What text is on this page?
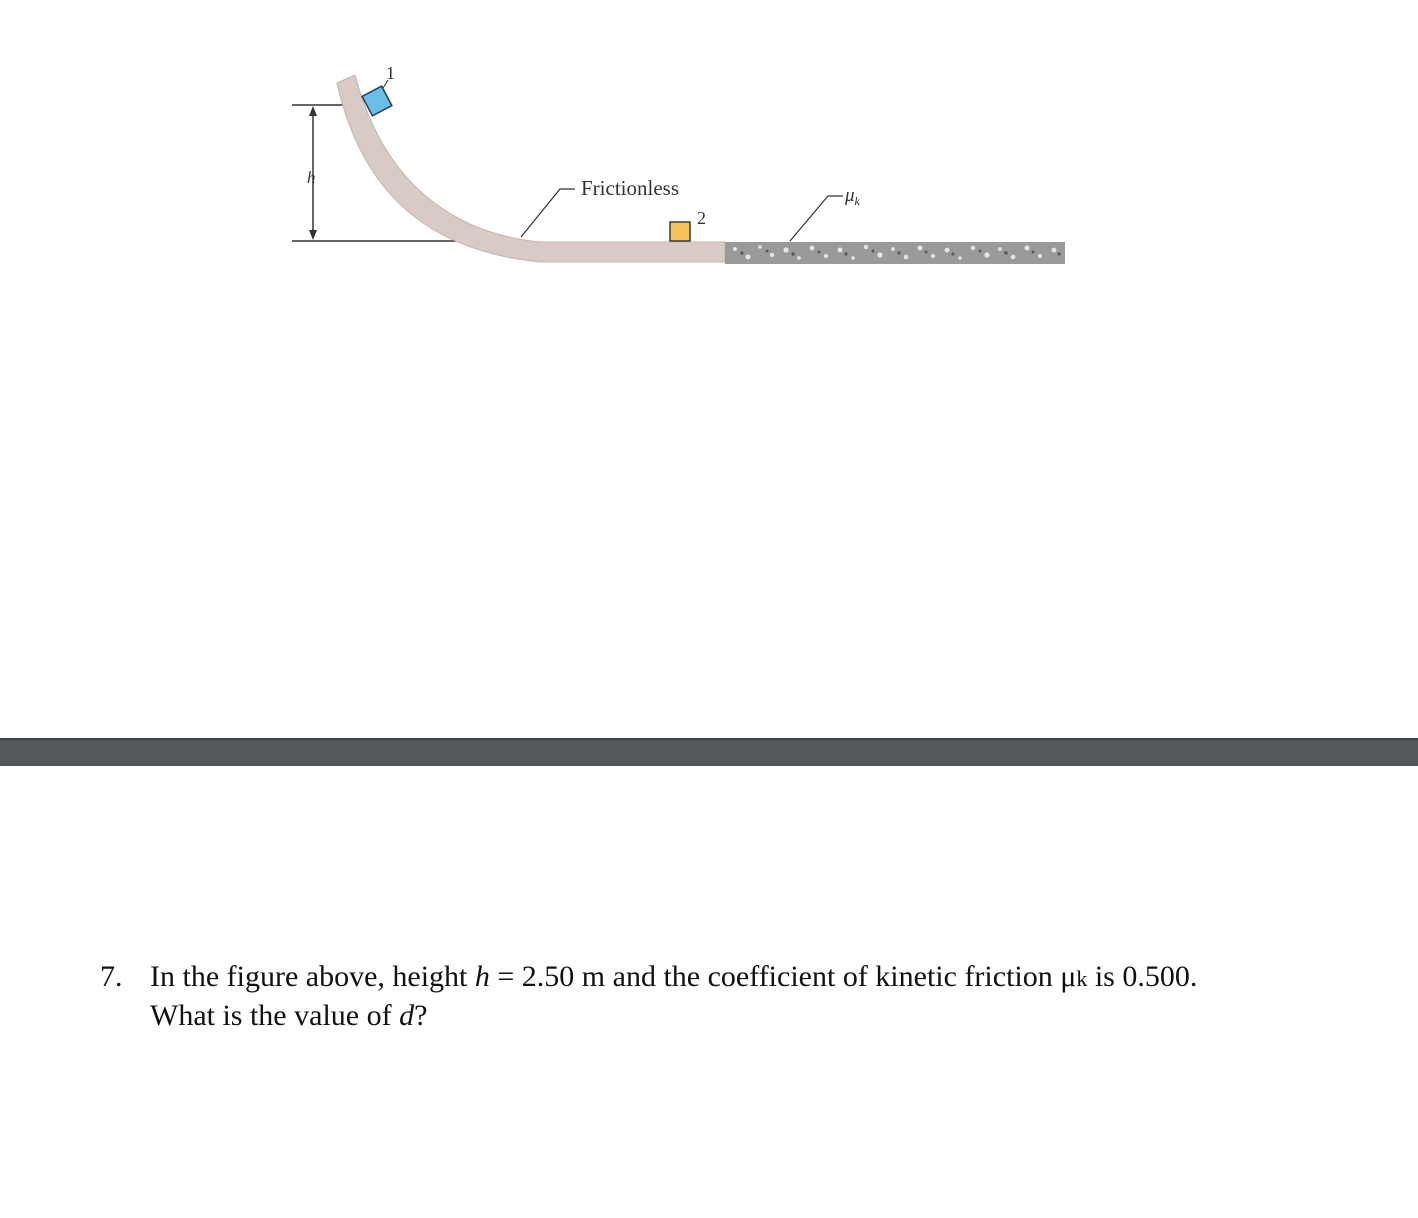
h
1
2
Frictionless	$\mu_k$
7. In the figure above, height h = 2.50 m and the coefficient of kinetic friction μk is 0.500.
What is the value of d?
